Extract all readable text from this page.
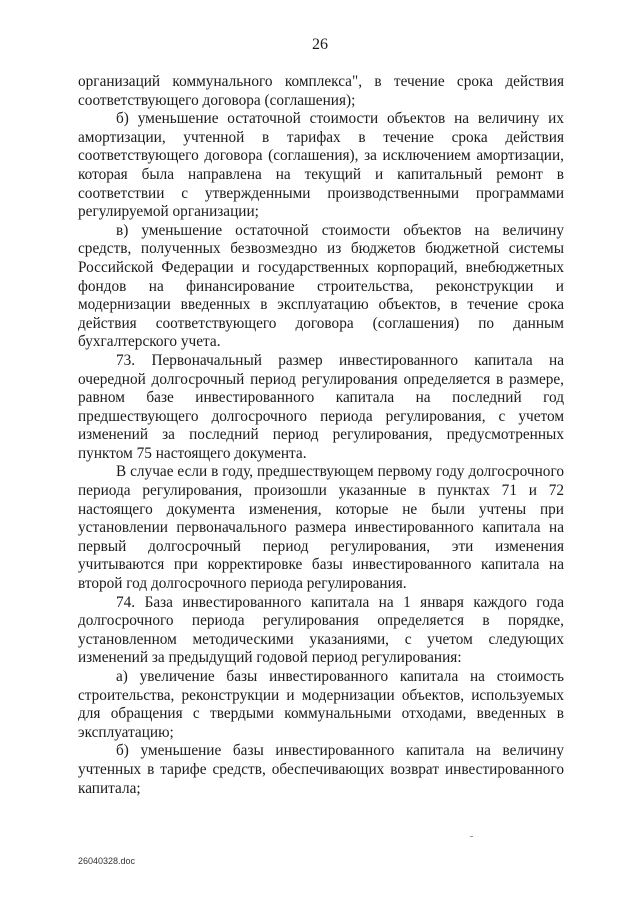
26

организаций коммунального комплекса", в течение срока действия соответствующего договора (соглашения);

б) уменьшение остаточной стоимости объектов на величину их амортизации, учтенной в тарифах в течение срока действия соответствующего договора (соглашения), за исключением амортизации, которая была направлена на текущий и капитальный ремонт в соответствии с утвержденными производственными программами регулируемой организации;

в) уменьшение остаточной стоимости объектов на величину средств, полученных безвозмездно из бюджетов бюджетной системы Российской Федерации и государственных корпораций, внебюджетных фондов на финансирование строительства, реконструкции и модернизации введенных в эксплуатацию объектов, в течение срока действия соответствующего договора (соглашения) по данным бухгалтерского учета.

73. Первоначальный размер инвестированного капитала на очередной долгосрочный период регулирования определяется в размере, равном базе инвестированного капитала на последний год предшествующего долгосрочного периода регулирования, с учетом изменений за последний период регулирования, предусмотренных пунктом 75 настоящего документа.

В случае если в году, предшествующем первому году долгосрочного периода регулирования, произошли указанные в пунктах 71 и 72 настоящего документа изменения, которые не были учтены при установлении первоначального размера инвестированного капитала на первый долгосрочный период регулирования, эти изменения учитываются при корректировке базы инвестированного капитала на второй год долгосрочного периода регулирования.

74. База инвестированного капитала на 1 января каждого года долгосрочного периода регулирования определяется в порядке, установленном методическими указаниями, с учетом следующих изменений за предыдущий годовой период регулирования:

а) увеличение базы инвестированного капитала на стоимость строительства, реконструкции и модернизации объектов, используемых для обращения с твердыми коммунальными отходами, введенных в эксплуатацию;

б) уменьшение базы инвестированного капитала на величину учтенных в тарифе средств, обеспечивающих возврат инвестированного капитала;

26040328.doc
